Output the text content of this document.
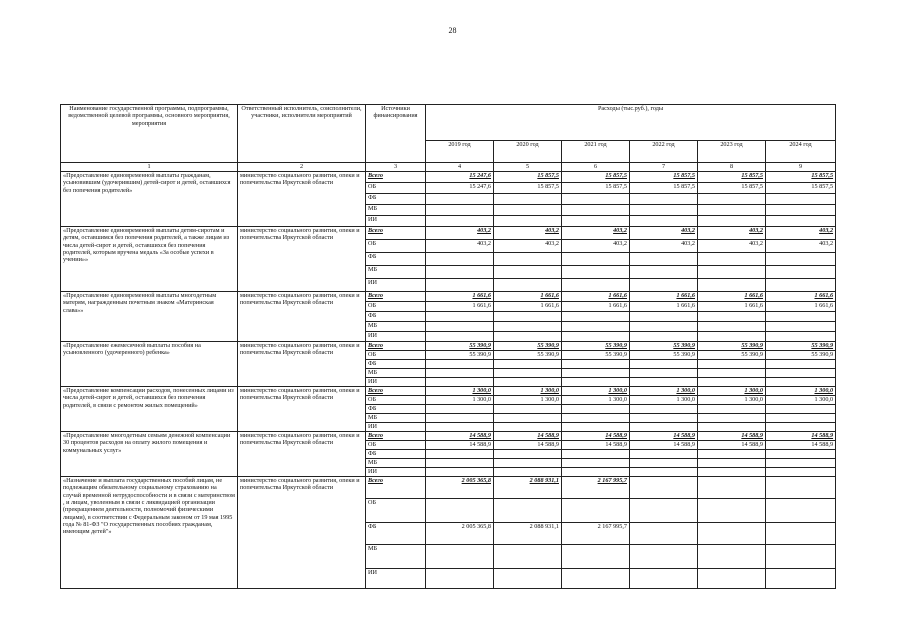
28
Наименование государственной программы, подпрограммы, ведомственной целевой программы, основного мероприятия, мероприятия	Ответственный исполнитель, соисполнители, участники, исполнители мероприятий	Источники финансирования	Расходы (тыс.руб.), годы					
			2019 год	2020 год	2021 год	2022 год	2023 год	2024 год
1	2	3	4	5	6	7	8	9
«Предоставление единовременной выплаты гражданам, усыновившим (удочерившим) детей-сирот и детей, оставшихся без попечения родителей»	министерство социального развития, опеки и попечительства Иркутской области	Всего	15 247,6	15 857,5	15 857,5	15 857,5	15 857,5	15 857,5
		ОБ	15 247,6	15 857,5	15 857,5	15 857,5	15 857,5	15 857,5
		ФБ						
		МБ						
		ИИ						
«Предоставление единовременной выплаты детям-сиротам и детям, оставшимся без попечения родителей, а также лицам из числа детей-сирот и детей, оставшихся без попечения родителей, которым вручена медаль «За особые успехи в учении»»	министерство социального развития, опеки и попечительства Иркутской области	Всего	403,2	403,2	403,2	403,2	403,2	403,2
		ОБ	403,2	403,2	403,2	403,2	403,2	403,2
		ФБ						
		МБ						
		ИИ						
«Предоставление единовременной выплаты многодетным матерям, награжденным почетным знаком «Материнская слава»»	министерство социального развития, опеки и попечительства Иркутской области	Всего	1 661,6	1 661,6	1 661,6	1 661,6	1 661,6	1 661,6
		ОБ	1 661,6	1 661,6	1 661,6	1 661,6	1 661,6	1 661,6
		ФБ						
		МБ						
		ИИ						
«Предоставление ежемесячной выплаты пособия на усыновленного (удочеренного) ребенка»	министерство социального развития, опеки и попечительства Иркутской области	Всего	55 390,9	55 390,9	55 390,9	55 390,9	55 390,9	55 390,9
		ОБ	55 390,9	55 390,9	55 390,9	55 390,9	55 390,9	55 390,9
		ФБ						
		МБ						
		ИИ						
«Предоставление компенсации расходов, понесенных лицами из числа детей-сирот и детей, оставшихся без попечения родителей, в связи с ремонтом жилых помещений»	министерство социального развития, опеки и попечительства Иркутской области	Всего	1 300,0	1 300,0	1 300,0	1 300,0	1 300,0	1 300,0
		ОБ	1 300,0	1 300,0	1 300,0	1 300,0	1 300,0	1 300,0
		ФБ						
		МБ						
		ИИ						
«Предоставление многодетным семьям денежной компенсации 30 процентов расходов на оплату жилого помещения и коммунальных услуг»	министерство социального развития, опеки и попечительства Иркутской области	Всего	14 588,9	14 588,9	14 588,9	14 588,9	14 588,9	14 588,9
		ОБ	14 588,9	14 588,9	14 588,9	14 588,9	14 588,9	14 588,9
		ФБ						
		МБ						
		ИИ						
«Назначение и выплата государственных пособий лицам, не подлежащим обязательному социальному страхованию на случай временной нетрудоспособности и в связи с материнством , и лицам, уволенным в связи с ликвидацией организации (прекращением деятельности, полномочий физическими лицами), в соответствии с Федеральным законом от 19 мая 1995 года № 81-ФЗ "О государственных пособиях гражданам, имеющим детей"»	министерство социального развития, опеки и попечительства Иркутской области	Всего	2 005 365,8	2 088 931,1	2 167 995,7			
		ОБ						
		ФБ	2 005 365,8	2 088 931,1	2 167 995,7			
		МБ						
		ИИ						
